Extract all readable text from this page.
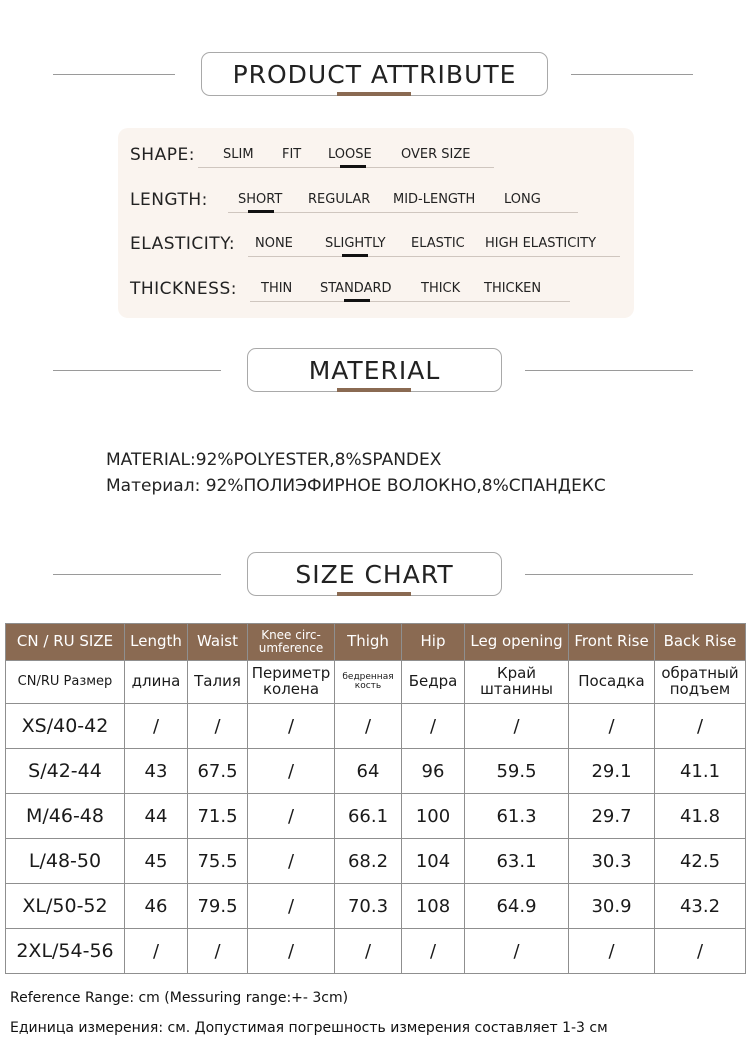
PRODUCT ATTRIBUTE
SHAPE: SLIM FIT LOOSE OVER SIZE
LENGTH: SHORT REGULAR MID-LENGTH LONG
ELASTICITY: NONE SLIGHTLY ELASTIC HIGH ELASTICITY
THICKNESS: THIN STANDARD THICK THICKEN
MATERIAL
MATERIAL:92%POLYESTER,8%SPANDEX
Материал: 92%ПОЛИЭФИРНОЕ ВОЛОКНО,8%СПАНДЕКС
SIZE CHART
CN / RU SIZE	Length	Waist	Knee circ-umference	Thigh	Hip	Leg opening	Front Rise	Back Rise
CN/RU Размер	длина	Талия	Периметр колена	бедренная кость	Бедра	Край штанины	Посадка	обратный подъем
XS/40-42	/	/	/	/	/	/	/	/
S/42-44	43	67.5	/	64	96	59.5	29.1	41.1
M/46-48	44	71.5	/	66.1	100	61.3	29.7	41.8
L/48-50	45	75.5	/	68.2	104	63.1	30.3	42.5
XL/50-52	46	79.5	/	70.3	108	64.9	30.9	43.2
2XL/54-56	/	/	/	/	/	/	/	/
Reference Range: cm (Messuring range:+- 3cm)
Единица измерения: см. Допустимая погрешность измерения составляет 1-3 см
